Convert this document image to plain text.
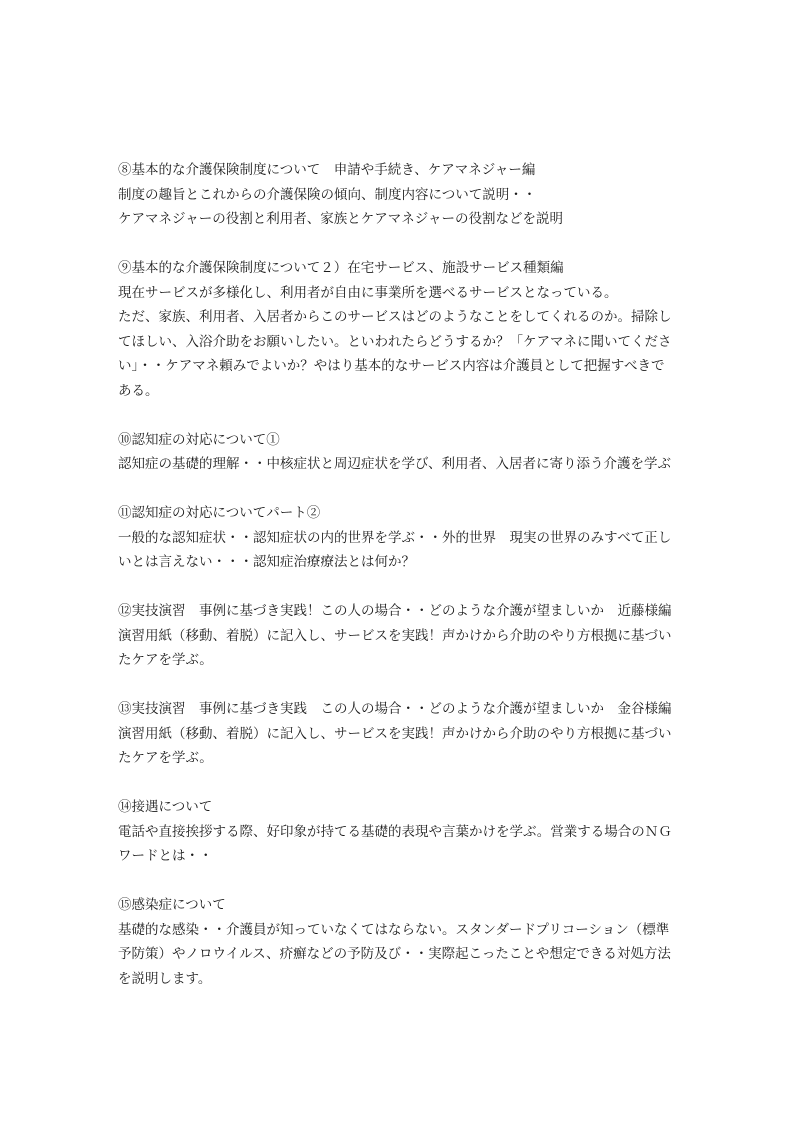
⑧基本的な介護保険制度について　申請や手続き、ケアマネジャー編
制度の趣旨とこれからの介護保険の傾向、制度内容について説明・・
ケアマネジャーの役割と利用者、家族とケアマネジャーの役割などを説明
⑨基本的な介護保険制度について２）在宅サービス、施設サービス種類編
現在サービスが多様化し、利用者が自由に事業所を選べるサービスとなっている。
ただ、家族、利用者、入居者からこのサービスはどのようなことをしてくれるのか。掃除し
てほしい、入浴介助をお願いしたい。といわれたらどうするか？「ケアマネに聞いてくださ
い」・・ケアマネ頼みでよいか？やはり基本的なサービス内容は介護員として把握すべきで
ある。
⑩認知症の対応について①
認知症の基礎的理解・・中核症状と周辺症状を学び、利用者、入居者に寄り添う介護を学ぶ
⑪認知症の対応についてパート②
一般的な認知症状・・認知症状の内的世界を学ぶ・・外的世界　現実の世界のみすべて正し
いとは言えない・・・認知症治療療法とは何か？
⑫実技演習　事例に基づき実践！この人の場合・・どのような介護が望ましいか　近藤様編
演習用紙（移動、着脱）に記入し、サービスを実践！声かけから介助のやり方根拠に基づい
たケアを学ぶ。
⑬実技演習　事例に基づき実践　この人の場合・・どのような介護が望ましいか　金谷様編
演習用紙（移動、着脱）に記入し、サービスを実践！声かけから介助のやり方根拠に基づい
たケアを学ぶ。
⑭接遇について
電話や直接挨拶する際、好印象が持てる基礎的表現や言葉かけを学ぶ。営業する場合のＮＧ
ワードとは・・
⑮感染症について
基礎的な感染・・介護員が知っていなくてはならない。スタンダードプリコーション（標準
予防策）やノロウイルス、疥癬などの予防及び・・実際起こったことや想定できる対処方法
を説明します。
